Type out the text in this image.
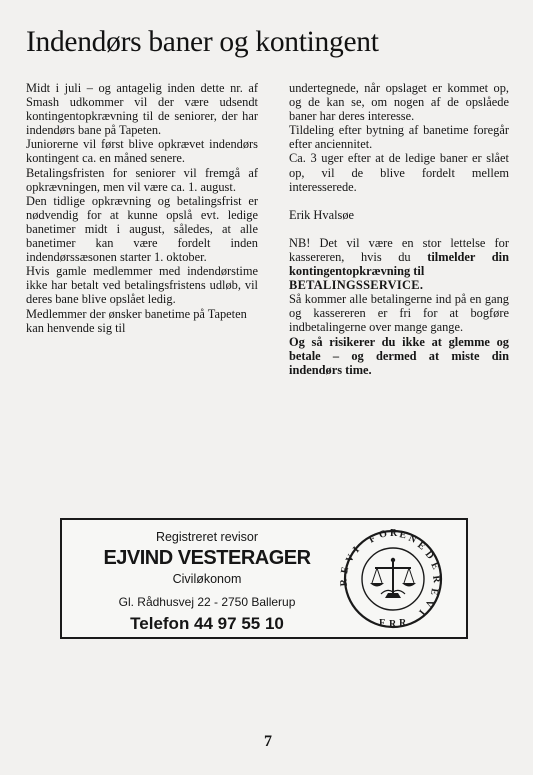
Indendørs baner og kontingent

Midt i juli – og antagelig inden dette nr. af Smash udkommer vil der være udsendt kontingentopkrævning til de seniorer, der har indendørs bane på Tapeten.

Juniorerne vil først blive opkrævet indendørs kontingent ca. en måned senere.

Betalingsfristen for seniorer vil fremgå af opkrævningen, men vil være ca. 1. august.

Den tidlige opkrævning og betalingsfrist er nødvendig for at kunne opslå evt. ledige banetimer midt i august, således, at alle banetimer kan være fordelt inden indendørssæsonen starter 1. oktober.

Hvis gamle medlemmer med indendørstime ikke har betalt ved betalingsfristens udløb, vil deres bane blive opslået ledig.

Medlemmer der ønsker banetime på Tapeten kan henvende sig til

undertegnede, når opslaget er kommet op, og de kan se, om nogen af de opslåede baner har deres interesse.

Tildeling efter bytning af banetime foregår efter anciennitet.

Ca. 3 uger efter at de ledige baner er slået op, vil de blive fordelt mellem interesserede.

Erik Hvalsøe

NB! Det vil være en stor lettelse for kassereren, hvis du tilmelder din kontingentopkrævning til
BETALINGSSERVICE.

Så kommer alle betalingerne ind på en gang og kassereren er fri for at bogføre indbetalingerne over mange gange.

Og så risikerer du ikke at glemme og betale – og dermed at miste din indendørs time.

Registreret revisor
EJVIND VESTERAGER
Civiløkonom
Gl. Rådhusvej 22 - 2750 Ballerup
Telefon 44 97 55 10
F O R E N
E
D
E
R
E
V
I
R
E
V
I
F R R
7
